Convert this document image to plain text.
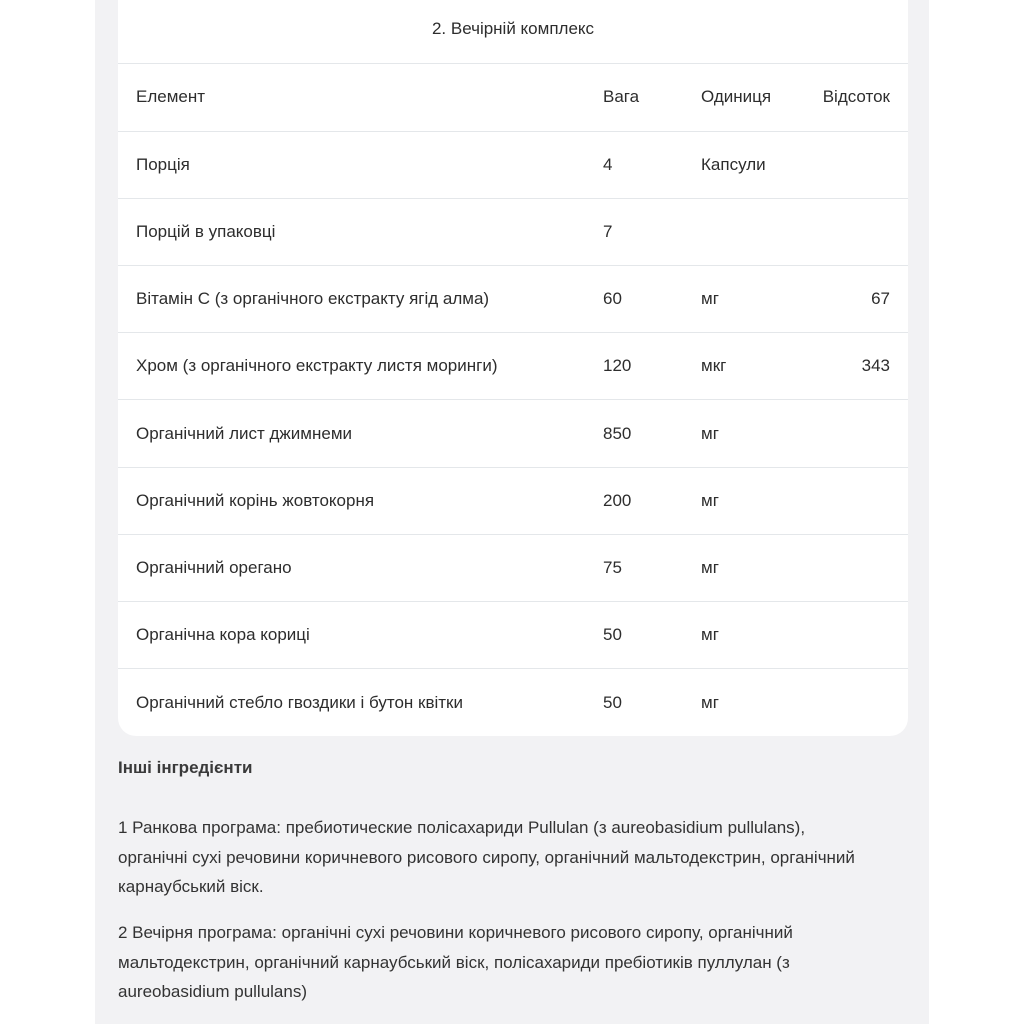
2. Вечірній комплекс
Елемент	Вага	Одиниця	Відсоток
Порція	4	Капсули	
Порцій в упаковці	7		
Вітамін С (з органічного екстракту ягід алма)	60	мг	67
Хром (з органічного екстракту листя моринги)	120	мкг	343
Органічний лист джимнеми	850	мг	
Органічний корінь жовтокорня	200	мг	
Органічний орегано	75	мг	
Органічна кора кориці	50	мг	
Органічний стебло гвоздики і бутон квітки	50	мг	
Інші інгредієнти
1 Ранкова програма: пребиотические полісахариди Pullulan (з aureobasidium pullulans), органічні сухі речовини коричневого рисового сиропу, органічний мальтодекстрин, органічний карнаубський віск.
2 Вечірня програма: органічні сухі речовини коричневого рисового сиропу, органічний мальтодекстрин, органічний карнаубський віск, полісахариди пребіотиків пуллулан (з aureobasidium pullulans)
